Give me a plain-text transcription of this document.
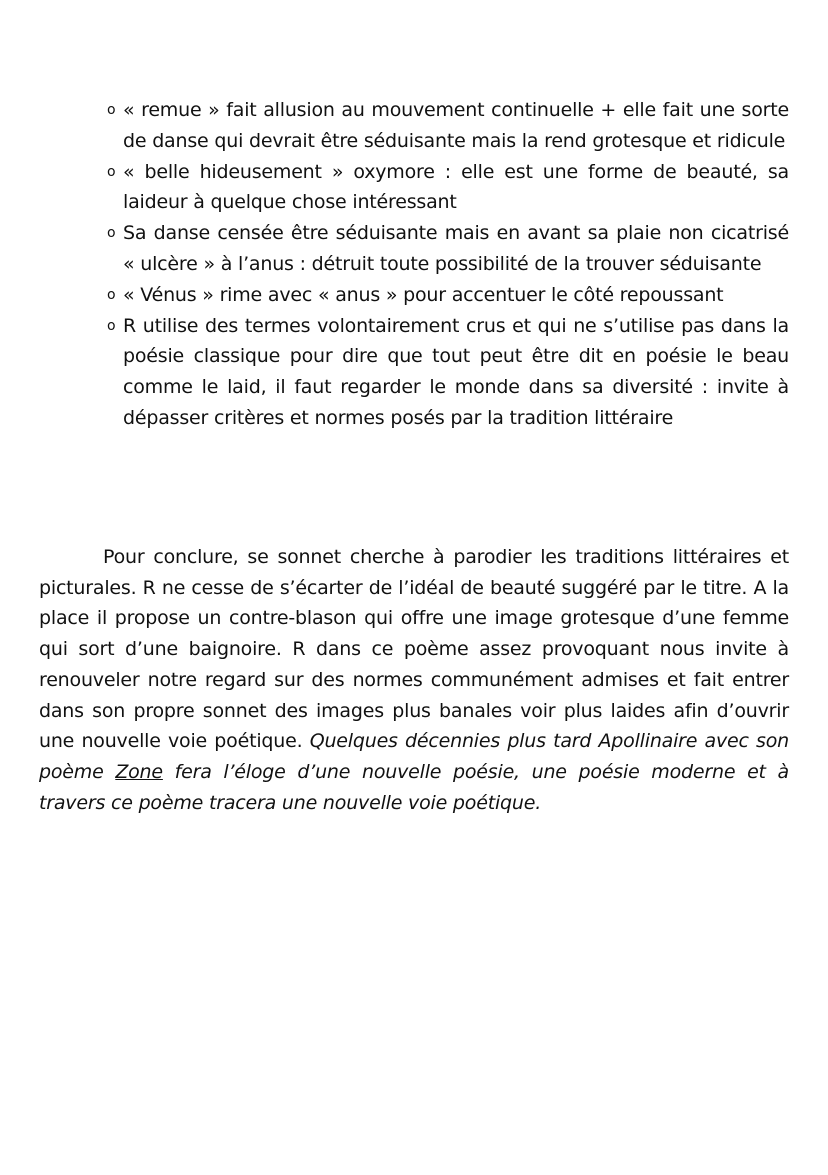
o « remue » fait allusion au mouvement continuelle + elle fait une sorte de danse qui devrait être séduisante mais la rend grotesque et ridicule
o « belle hideusement » oxymore : elle est une forme de beauté, sa laideur à quelque chose intéressant
o Sa danse censée être séduisante mais en avant sa plaie non cicatrisé « ulcère » à l’anus : détruit toute possibilité de la trouver séduisante
o « Vénus » rime avec « anus » pour accentuer le côté repoussant
o R utilise des termes volontairement crus et qui ne s’utilise pas dans la poésie classique pour dire que tout peut être dit en poésie le beau comme le laid, il faut regarder le monde dans sa diversité : invite à dépasser critères et normes posés par la tradition littéraire

Pour conclure, se sonnet cherche à parodier les traditions littéraires et picturales. R ne cesse de s’écarter de l’idéal de beauté suggéré par le titre. A la place il propose un contre-blason qui offre une image grotesque d’une femme qui sort d’une baignoire. R dans ce poème assez provoquant nous invite à renouveler notre regard sur des normes communément admises et fait entrer dans son propre sonnet des images plus banales voir plus laides afin d’ouvrir une nouvelle voie poétique. Quelques décennies plus tard Apollinaire avec son poème Zone fera l’éloge d’une nouvelle poésie, une poésie moderne et à travers ce poème tracera une nouvelle voie poétique.
